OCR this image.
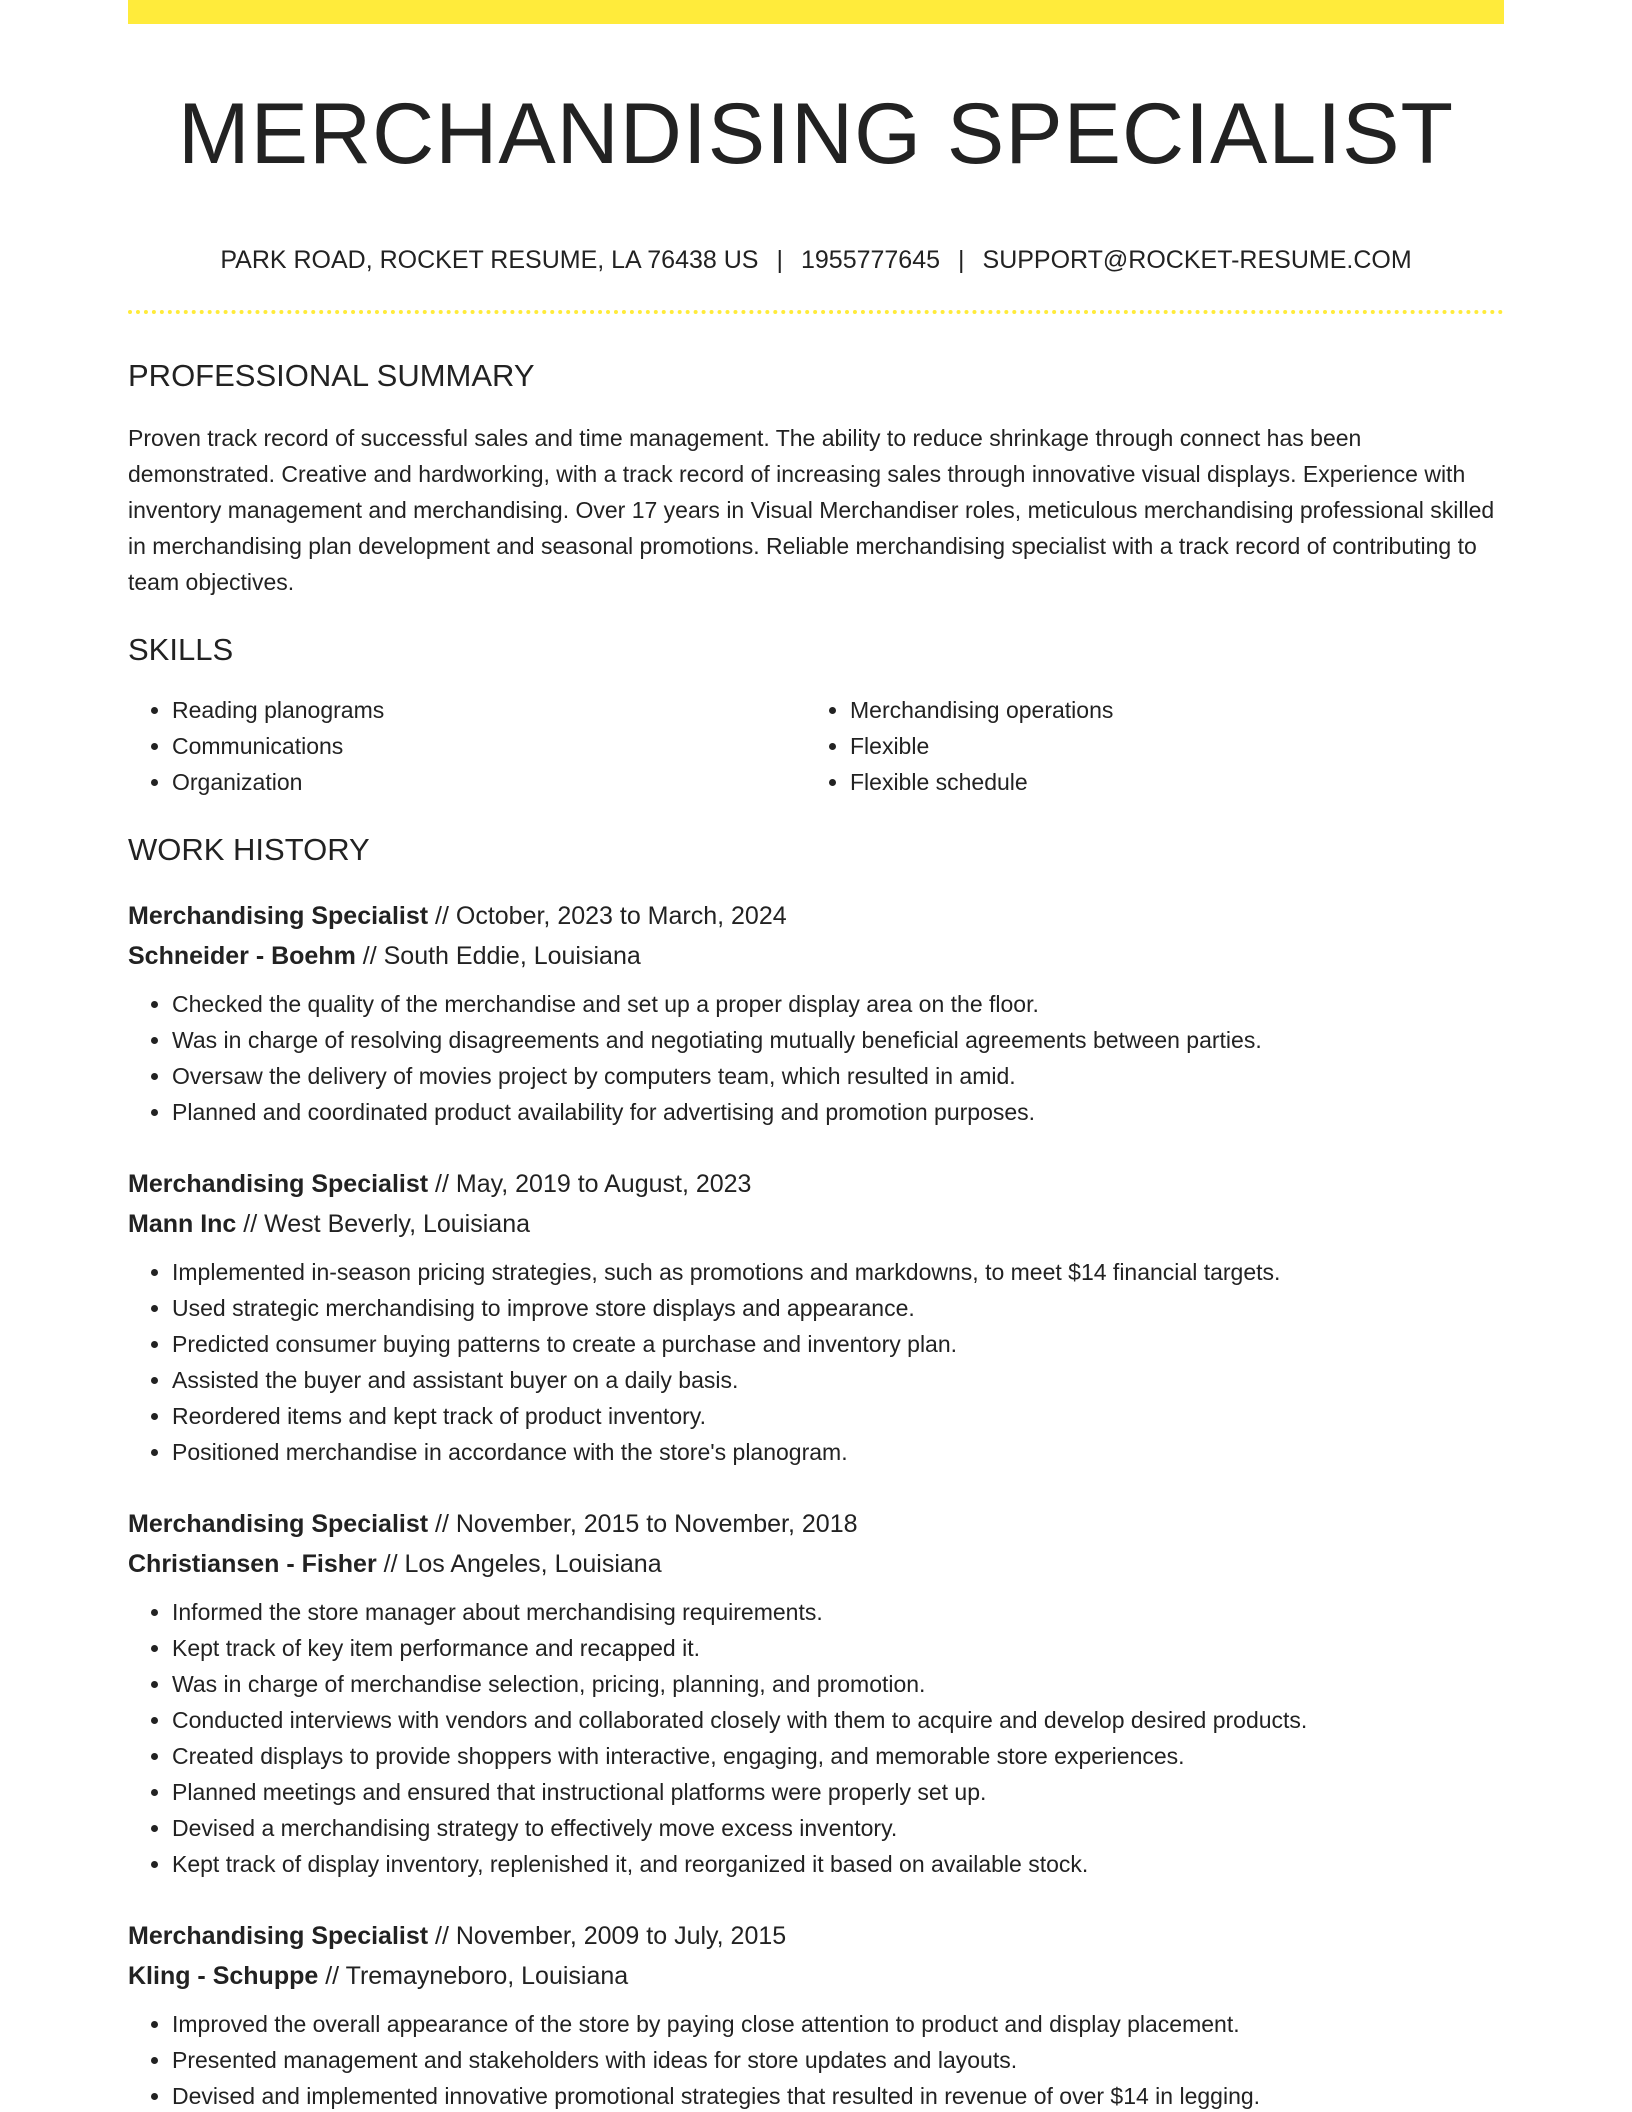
MERCHANDISING SPECIALIST
PARK ROAD, ROCKET RESUME, LA 76438 US | 1955777645 | SUPPORT@ROCKET-RESUME.COM
PROFESSIONAL SUMMARY

Proven track record of successful sales and time management. The ability to reduce shrinkage through connect has been demonstrated. Creative and hardworking, with a track record of increasing sales through innovative visual displays. Experience with inventory management and merchandising. Over 17 years in Visual Merchandiser roles, meticulous merchandising professional skilled in merchandising plan development and seasonal promotions. Reliable merchandising specialist with a track record of contributing to team objectives.

SKILLS
• Reading planograms
• Communications
• Organization
• Merchandising operations
• Flexible
• Flexible schedule
WORK HISTORY
Merchandising Specialist // October, 2023 to March, 2024
Schneider - Boehm // South Eddie, Louisiana
• Checked the quality of the merchandise and set up a proper display area on the floor.
• Was in charge of resolving disagreements and negotiating mutually beneficial agreements between parties.
• Oversaw the delivery of movies project by computers team, which resulted in amid.
• Planned and coordinated product availability for advertising and promotion purposes.
Merchandising Specialist // May, 2019 to August, 2023
Mann Inc // West Beverly, Louisiana
• Implemented in-season pricing strategies, such as promotions and markdowns, to meet $14 financial targets.
• Used strategic merchandising to improve store displays and appearance.
• Predicted consumer buying patterns to create a purchase and inventory plan.
• Assisted the buyer and assistant buyer on a daily basis.
• Reordered items and kept track of product inventory.
• Positioned merchandise in accordance with the store's planogram.
Merchandising Specialist // November, 2015 to November, 2018
Christiansen - Fisher // Los Angeles, Louisiana
• Informed the store manager about merchandising requirements.
• Kept track of key item performance and recapped it.
• Was in charge of merchandise selection, pricing, planning, and promotion.
• Conducted interviews with vendors and collaborated closely with them to acquire and develop desired products.
• Created displays to provide shoppers with interactive, engaging, and memorable store experiences.
• Planned meetings and ensured that instructional platforms were properly set up.
• Devised a merchandising strategy to effectively move excess inventory.
• Kept track of display inventory, replenished it, and reorganized it based on available stock.
Merchandising Specialist // November, 2009 to July, 2015
Kling - Schuppe // Tremayneboro, Louisiana
• Improved the overall appearance of the store by paying close attention to product and display placement.
• Presented management and stakeholders with ideas for store updates and layouts.
• Devised and implemented innovative promotional strategies that resulted in revenue of over $14 in legging.
